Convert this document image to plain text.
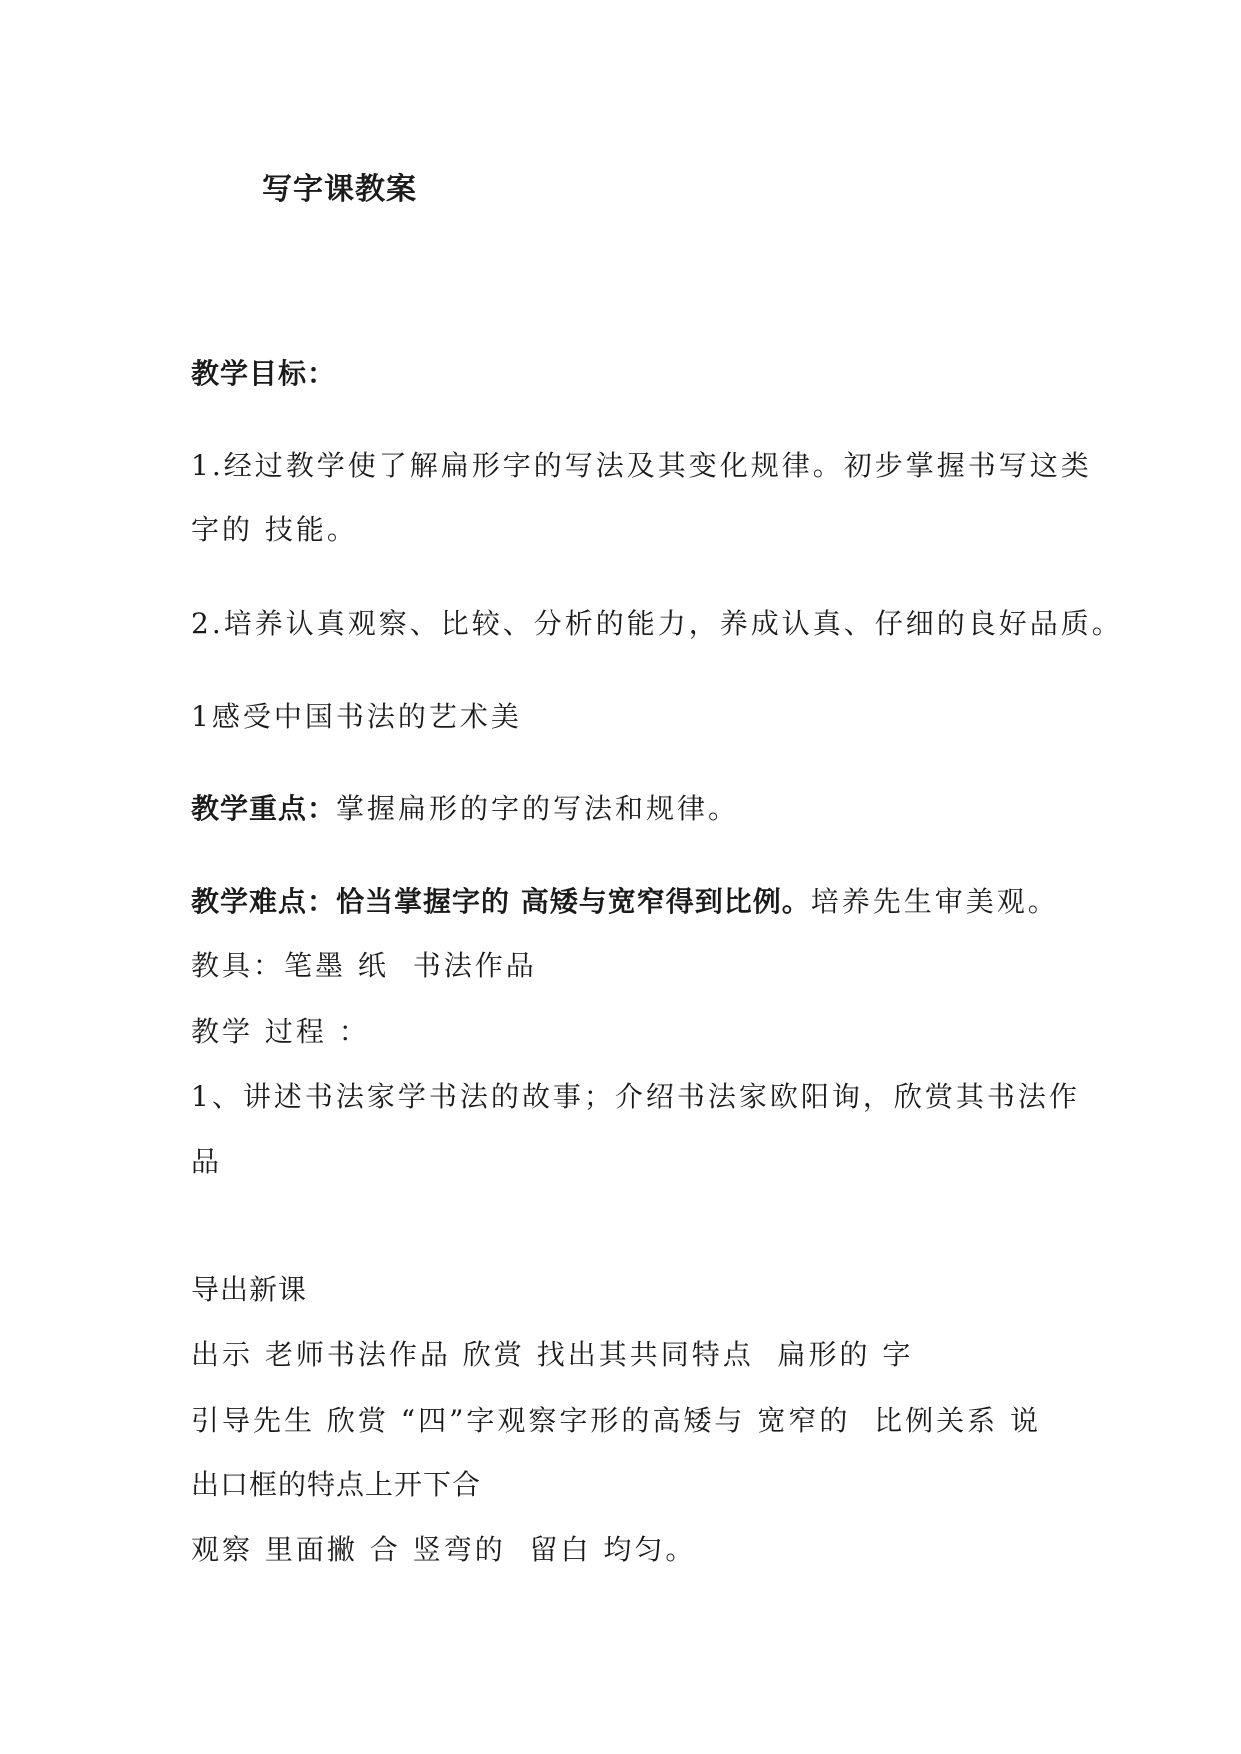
写字课教案
教学目标：
1.经过教学使了解扁形字的写法及其变化规律。初步掌握书写这类
字的 技能。
2.培养认真观察、比较、分析的能力，养成认真、仔细的良好品质。
1感受中国书法的艺术美
教学重点：掌握扁形的字的写法和规律。
教学难点：恰当掌握字的 高矮与宽窄得到比例。培养先生审美观。
教具：笔墨 纸  书法作品
教学 过程 ：
1、讲述书法家学书法的故事；介绍书法家欧阳询，欣赏其书法作
品
导出新课
出示 老师书法作品 欣赏 找出其共同特点  扁形的 字
引导先生 欣赏 “四”字观察字形的高矮与 宽窄的  比例关系 说
出口框的特点上开下合
观察 里面撇 合 竖弯的  留白 均匀。
